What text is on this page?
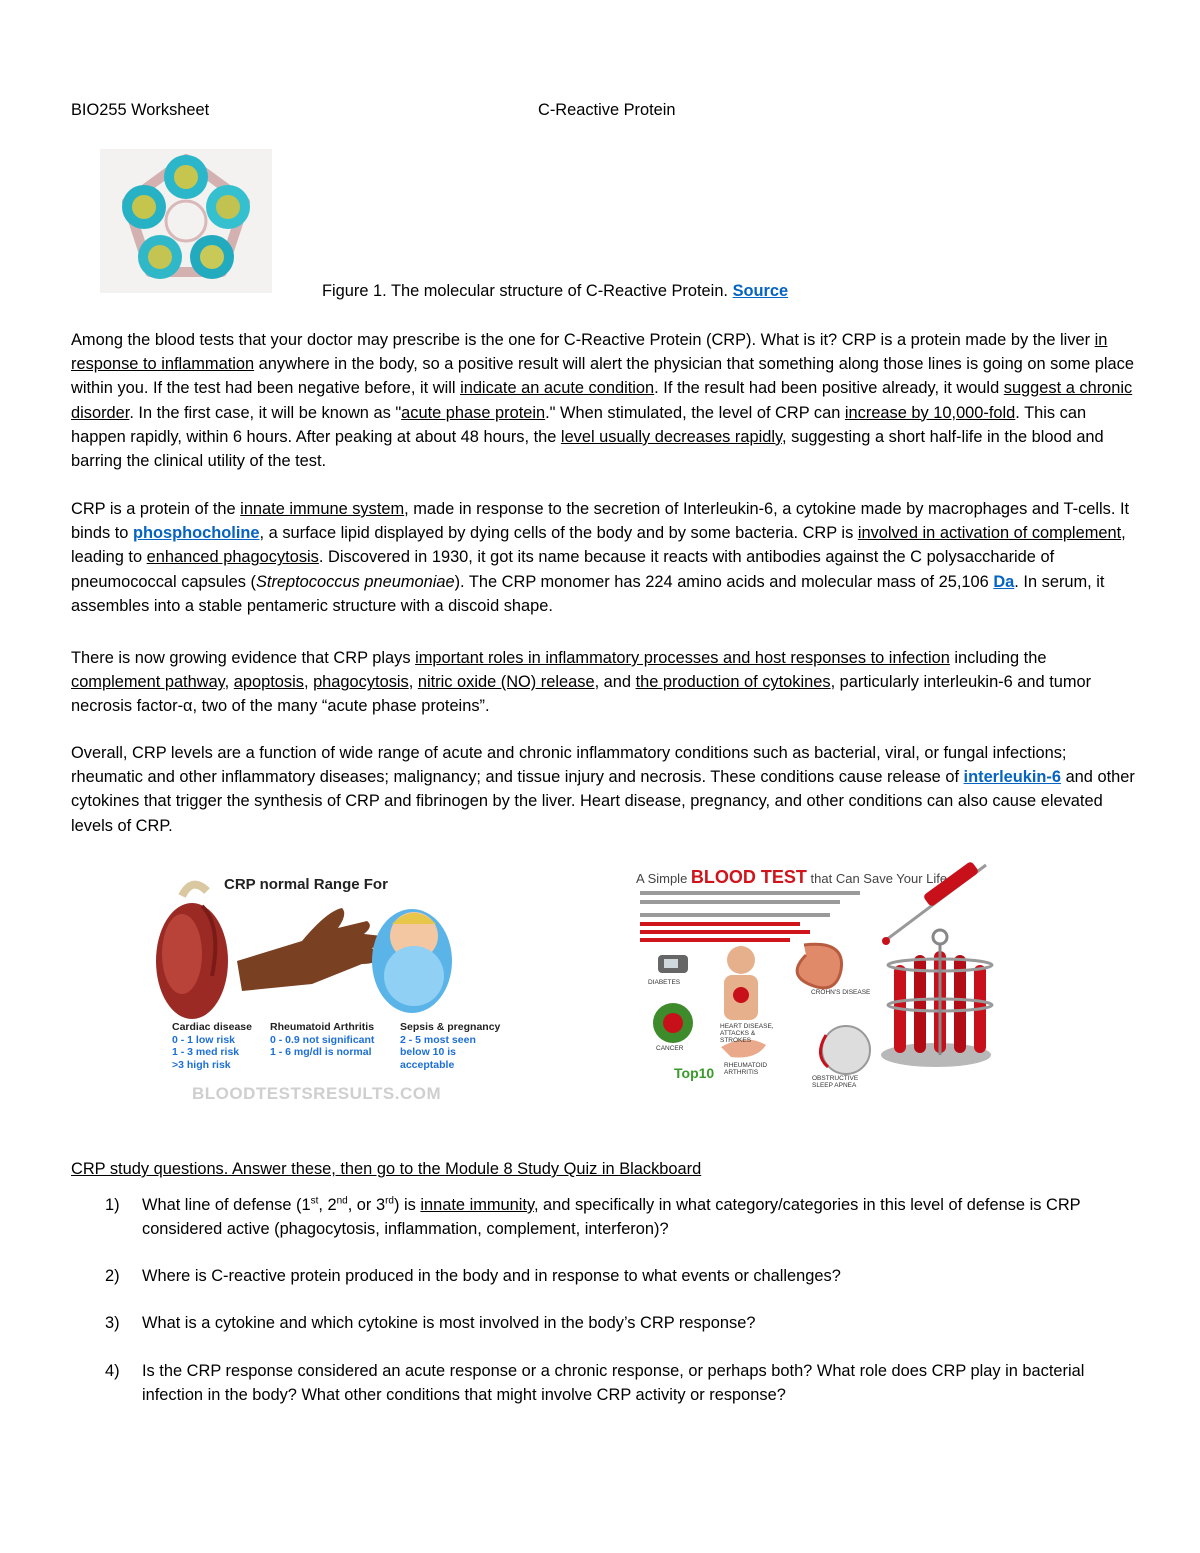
BIO255 Worksheet	C-Reactive Protein
Figure 1. The molecular structure of C-Reactive Protein. Source
Among the blood tests that your doctor may prescribe is the one for C-Reactive Protein (CRP). What is it? CRP is a protein made by the liver in response to inflammation anywhere in the body, so a positive result will alert the physician that something along those lines is going on some place within you. If the test had been negative before, it will indicate an acute condition. If the result had been positive already, it would suggest a chronic disorder. In the first case, it will be known as "acute phase protein." When stimulated, the level of CRP can increase by 10,000-fold. This can happen rapidly, within 6 hours. After peaking at about 48 hours, the level usually decreases rapidly, suggesting a short half-life in the blood and barring the clinical utility of the test.
CRP is a protein of the innate immune system, made in response to the secretion of Interleukin-6, a cytokine made by macrophages and T-cells. It binds to phosphocholine, a surface lipid displayed by dying cells of the body and by some bacteria. CRP is involved in activation of complement, leading to enhanced phagocytosis. Discovered in 1930, it got its name because it reacts with antibodies against the C polysaccharide of pneumococcal capsules (Streptococcus pneumoniae). The CRP monomer has 224 amino acids and molecular mass of 25,106 Da. In serum, it assembles into a stable pentameric structure with a discoid shape.
There is now growing evidence that CRP plays important roles in inflammatory processes and host responses to infection including the complement pathway, apoptosis, phagocytosis, nitric oxide (NO) release, and the production of cytokines, particularly interleukin-6 and tumor necrosis factor-α, two of the many “acute phase proteins”.
Overall, CRP levels are a function of wide range of acute and chronic inflammatory conditions such as bacterial, viral, or fungal infections; rheumatic and other inflammatory diseases; malignancy; and tissue injury and necrosis. These conditions cause release of interleukin-6 and other cytokines that trigger the synthesis of CRP and fibrinogen by the liver. Heart disease, pregnancy, and other conditions can also cause elevated levels of CRP.
CRP normal Range For
Cardiac disease
0 - 1 low risk
1 - 3 med risk
>3 high risk
Rheumatoid Arthritis
0 - 0.9 not significant
1 - 6 mg/dl is normal
Sepsis & pregnancy
2 - 5 most seen
below 10 is acceptable
BLOODTESTSRESULTS.COM
A Simple BLOOD TEST that Can Save Your Life
DIABETES
HEART DISEASE, ATTACKS & STROKES
CROHN'S DISEASE
CANCER
RHEUMATOID ARTHRITIS
OBSTRUCTIVE SLEEP APNEA
Top10
CRP study questions. Answer these, then go to the Module 8 Study Quiz in Blackboard
1)	What line of defense (1st, 2nd, or 3rd) is innate immunity, and specifically in what category/categories in this level of defense is CRP considered active (phagocytosis, inflammation, complement, interferon)?
2)	Where is C-reactive protein produced in the body and in response to what events or challenges?
3)	What is a cytokine and which cytokine is most involved in the body’s CRP response?
4)	Is the CRP response considered an acute response or a chronic response, or perhaps both? What role does CRP play in bacterial infection in the body? What other conditions that might involve CRP activity or response?
